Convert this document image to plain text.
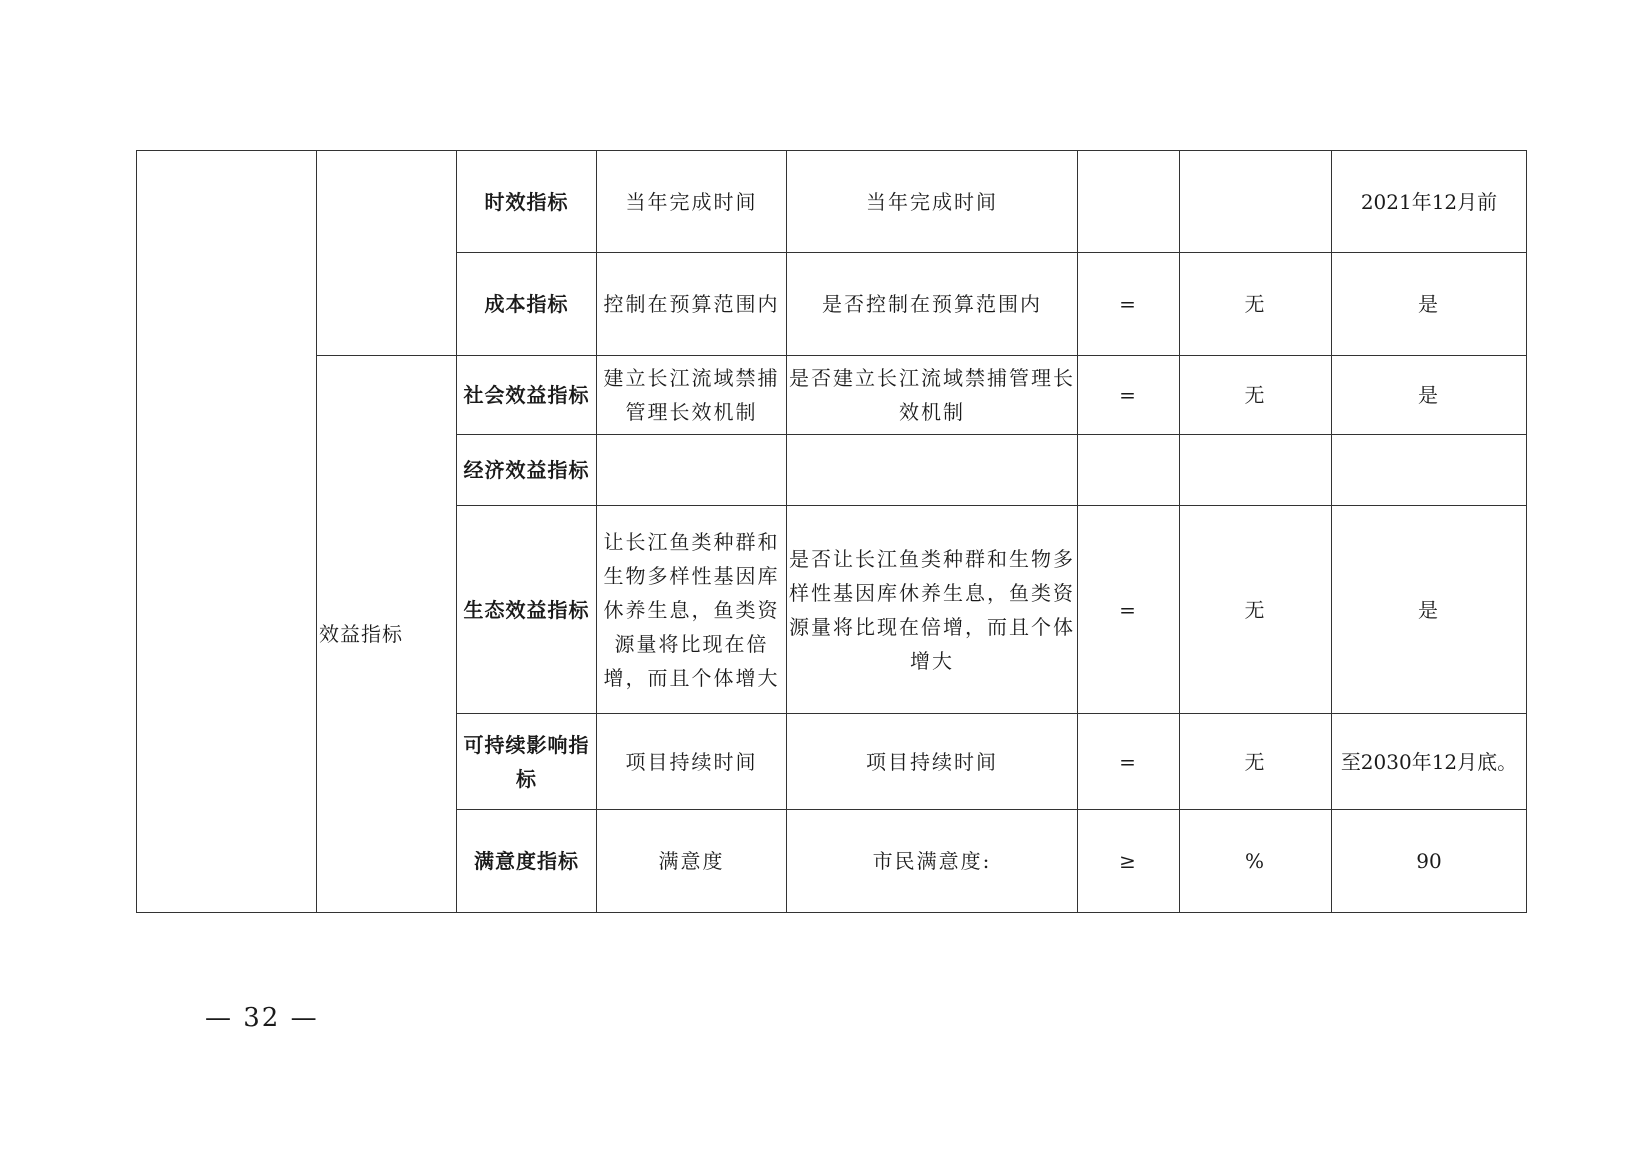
		时效指标	当年完成时间	当年完成时间			2021年12月前
		成本指标	控制在预算范围内	是否控制在预算范围内	=	无	是
	效益指标	社会效益指标	建立长江流域禁捕管理长效机制	是否建立长江流域禁捕管理长效机制	=	无	是
		经济效益指标					
		生态效益指标	让长江鱼类种群和生物多样性基因库休养生息，鱼类资源量将比现在倍增，而且个体增大	是否让长江鱼类种群和生物多样性基因库休养生息，鱼类资源量将比现在倍增，而且个体增大	=	无	是
		可持续影响指标	项目持续时间	项目持续时间	=	无	至2030年12月底。
		满意度指标	满意度	市民满意度:	≥	%	90
— 32 —
